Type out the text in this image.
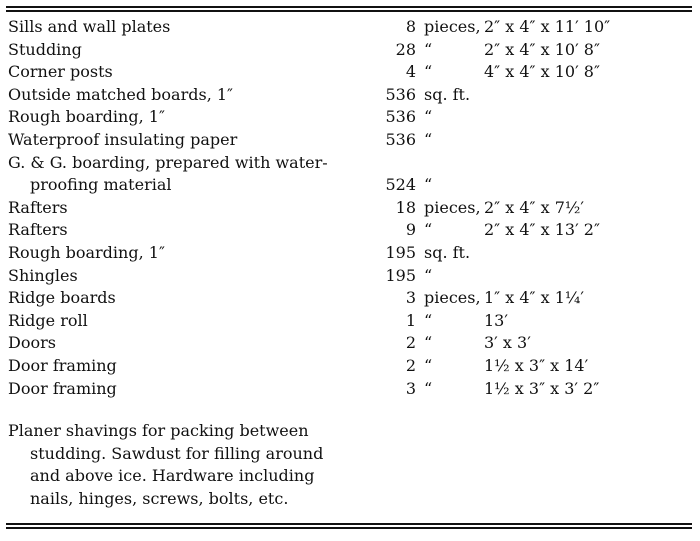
Sills and wall plates	8 pieces, 2″ x 4″ x 11′ 10″
Studding	28 “	2″ x 4″ x 10′ 8″
Corner posts	4 “	4″ x 4″ x 10′ 8″
Outside matched boards, 1″	536 sq. ft.
Rough boarding, 1″	536 “
Waterproof insulating paper	536 “
G. & G. boarding, prepared with water-
proofing material	524 “
Rafters	18 pieces, 2″ x 4″ x 7½′
Rafters	9 “	2″ x 4″ x 13′ 2″
Rough boarding, 1″	195 sq. ft.
Shingles	195 “
Ridge boards	3 pieces, 1″ x 4″ x 1¼′
Ridge roll	1 “	13′
Doors	2 “	3′ x 3′
Door framing	2 “	1½ x 3″ x 14′
Door framing	3 “	1½ x 3″ x 3′ 2″
Planer shavings for packing between
studding. Sawdust for filling around
and above ice. Hardware including
nails, hinges, screws, bolts, etc.
